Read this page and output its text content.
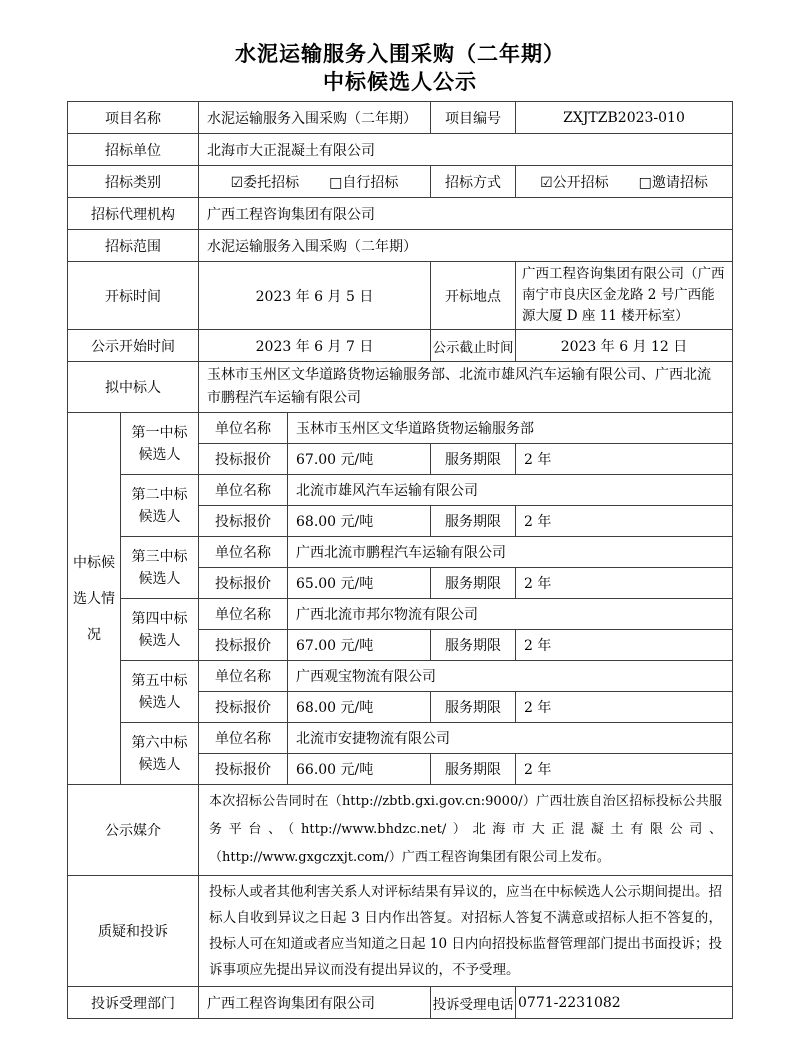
水泥运输服务入围采购（二年期）
中标候选人公示
项目名称		水泥运输服务入围采购（二年期）		项目编号	ZXJTZB2023-010
招标单位		北海市大正混凝土有限公司			
招标类别		☑委托招标 □自行招标		招标方式	☑公开招标 □邀请招标

招标代理机构		广西工程咨询集团有限公司			
招标范围		水泥运输服务入围采购（二年期）			
开标时间		2023 年 6 月 5 日		开标地点	广西工程咨询集团有限公司（广西南宁市良庆区金龙路 2 号广西能源大厦 D 座 11 楼开标室）
公示开始时间		2023 年 6 月 7 日		公示截止时间	2023 年 6 月 12 日
拟中标人		玉林市玉州区文华道路货物运输服务部、北流市雄风汽车运输有限公司、广西北流市鹏程汽车运输有限公司			
中标候选人情况	第一中标候选人	单位名称	玉林市玉州区文华道路货物运输服务部		
		投标报价	67.00 元/吨	服务期限	2 年
	第二中标候选人	单位名称	北流市雄风汽车运输有限公司		
		投标报价	68.00 元/吨	服务期限	2 年
	第三中标候选人	单位名称	广西北流市鹏程汽车运输有限公司		
		投标报价	65.00 元/吨	服务期限	2 年
	第四中标候选人	单位名称	广西北流市邦尔物流有限公司		
		投标报价	67.00 元/吨	服务期限	2 年
	第五中标候选人	单位名称	广西观宝物流有限公司		
		投标报价	68.00 元/吨	服务期限	2 年
	第六中标候选人	单位名称	北流市安捷物流有限公司		
		投标报价	66.00 元/吨	服务期限	2 年
公示媒介		本次招标公告同时在（http://zbtb.gxi.gov.cn:9000/）广西壮族自治区招标投标公共服务平台、（http://www.bhdzc.net/）北海市大正混凝土有限公司、（http://www.gxgczxjt.com/）广西工程咨询集团有限公司上发布。			
质疑和投诉		投标人或者其他利害关系人对评标结果有异议的，应当在中标候选人公示期间提出。招标人自收到异议之日起 3 日内作出答复。对招标人答复不满意或招标人拒不答复的，投标人可在知道或者应当知道之日起 10 日内向招投标监督管理部门提出书面投诉；投诉事项应先提出异议而没有提出异议的，不予受理。			
投诉受理部门		广西工程咨询集团有限公司		投诉受理电话	0771-2231082
